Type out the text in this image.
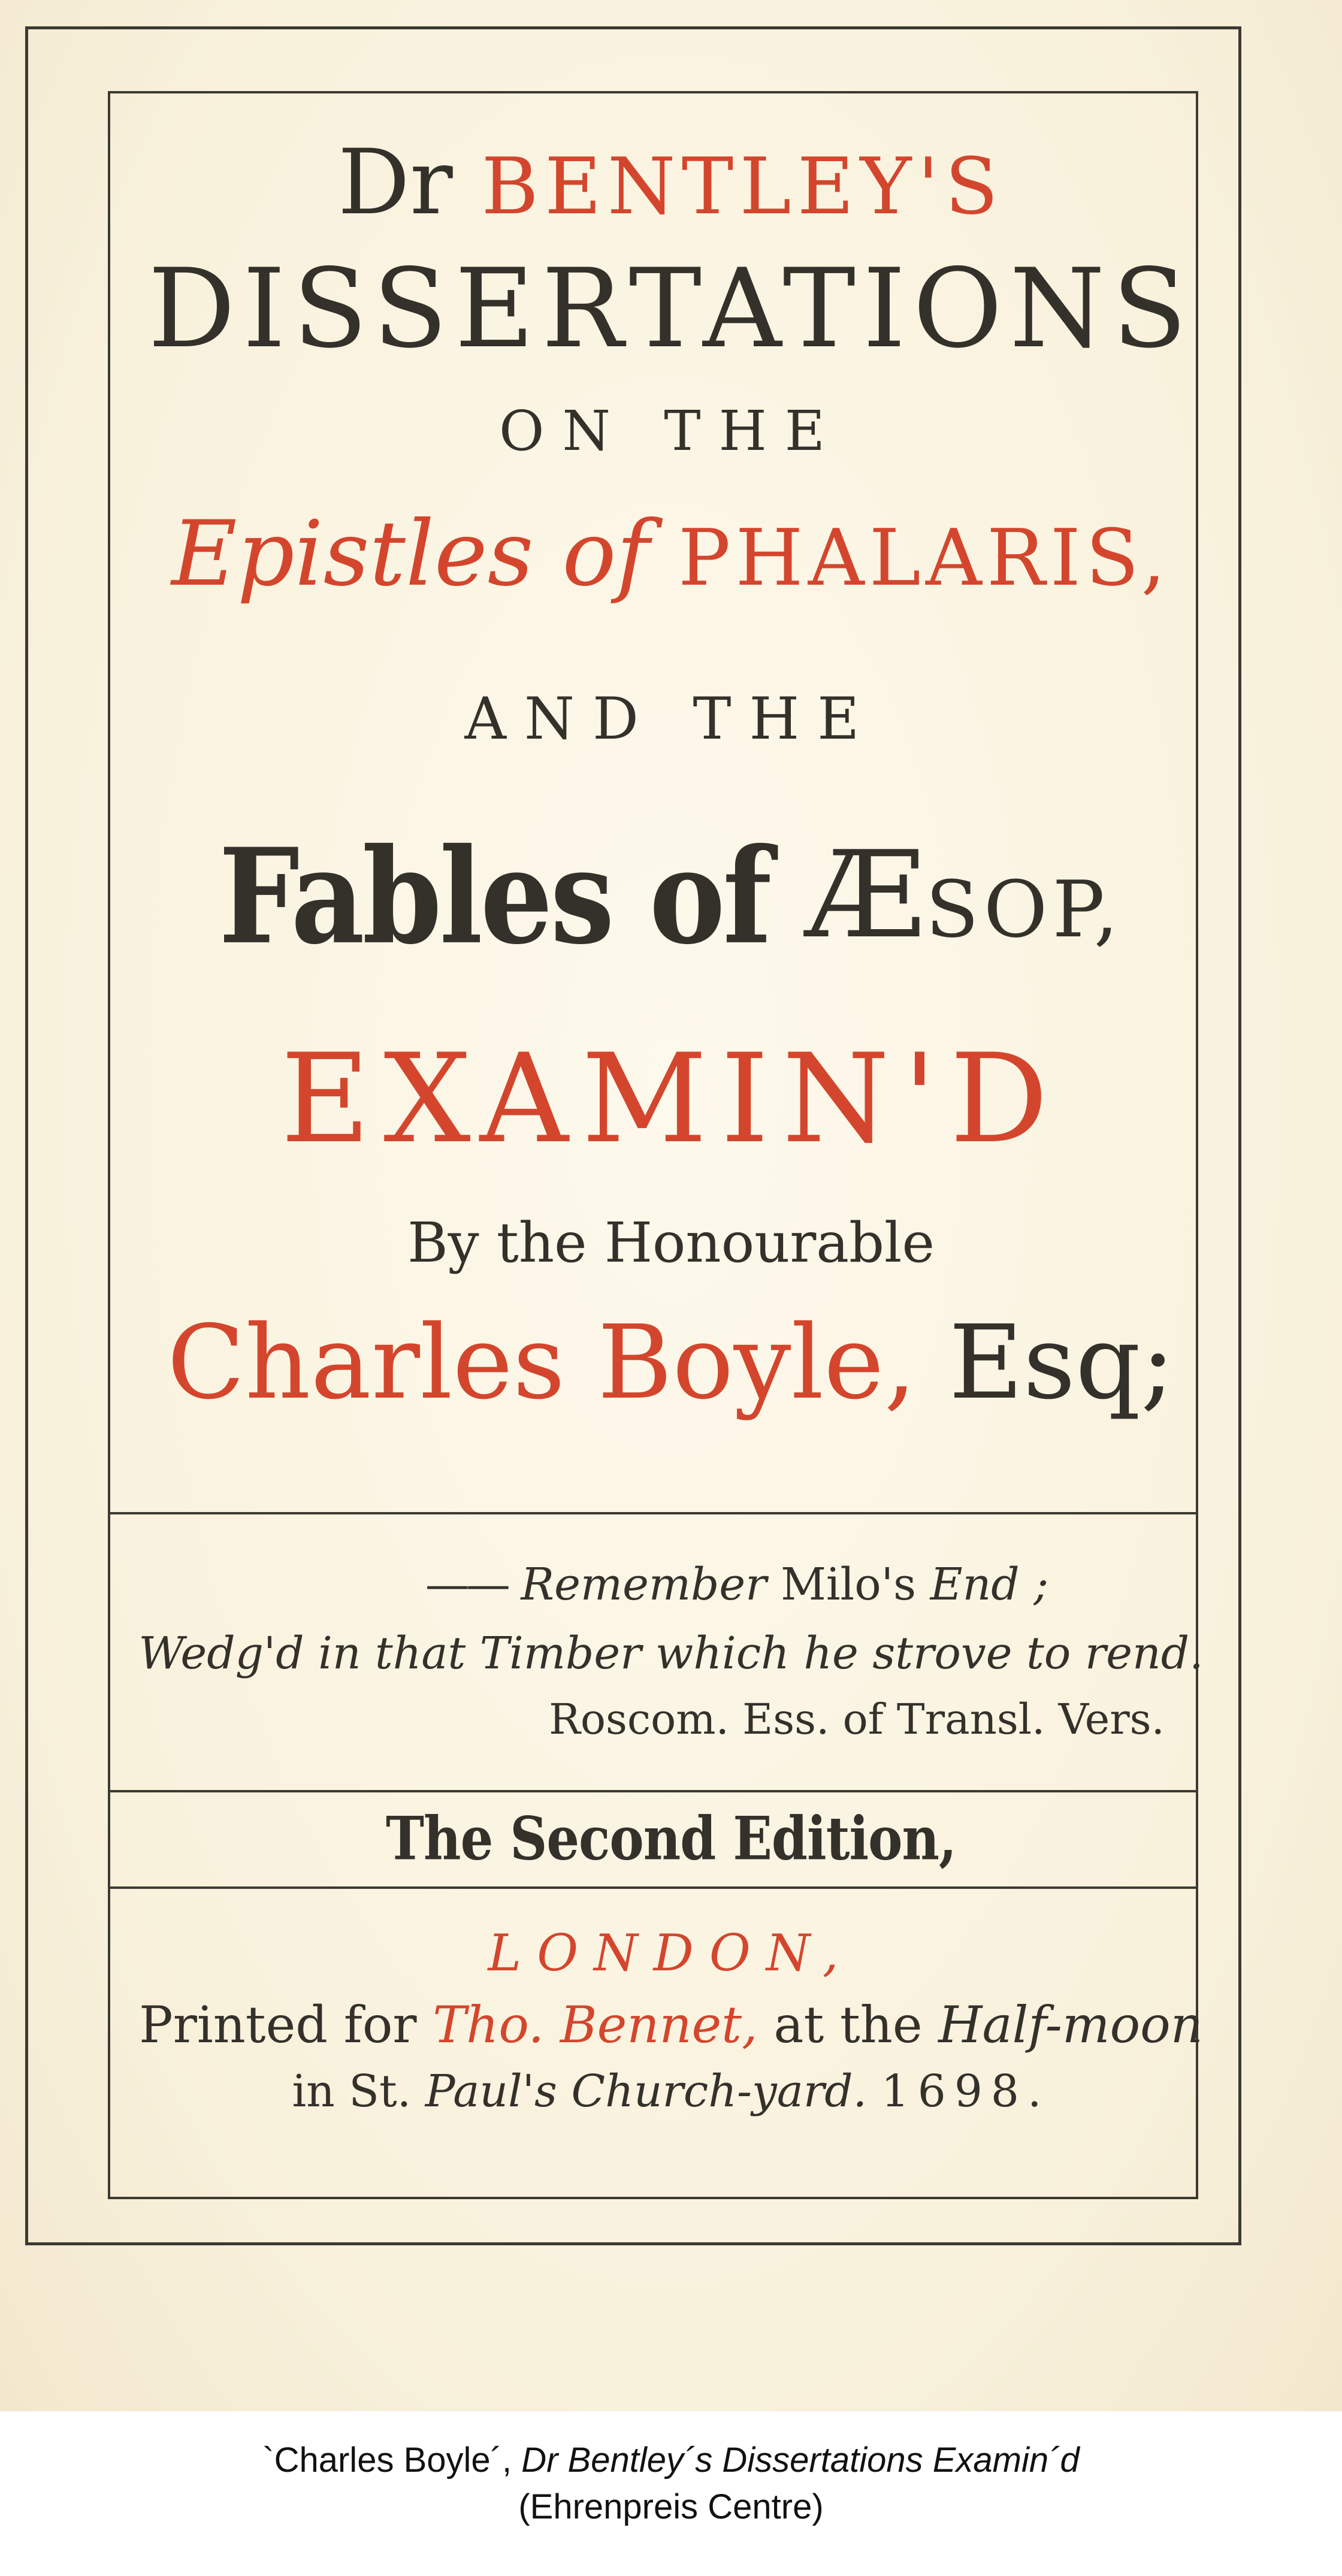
Dr BENTLEY'S
DISSERTATIONS
ON THE
Epistles of PHALARIS,
AND THE
Fables of ÆSOP,
EXAMIN'D
By the Honourable
Charles Boyle, Esq;
—— Remember Milo's End ;
Wedg'd in that Timber which he strove to rend.
Roscom. Ess. of Transl. Vers.
The Second Edition,
LONDON,
Printed for Tho. Bennet, at the Half-moon
in St. Paul's Church-yard. 1698.
`Charles Boyle´, Dr Bentley´s Dissertations Examin´d
(Ehrenpreis Centre)
